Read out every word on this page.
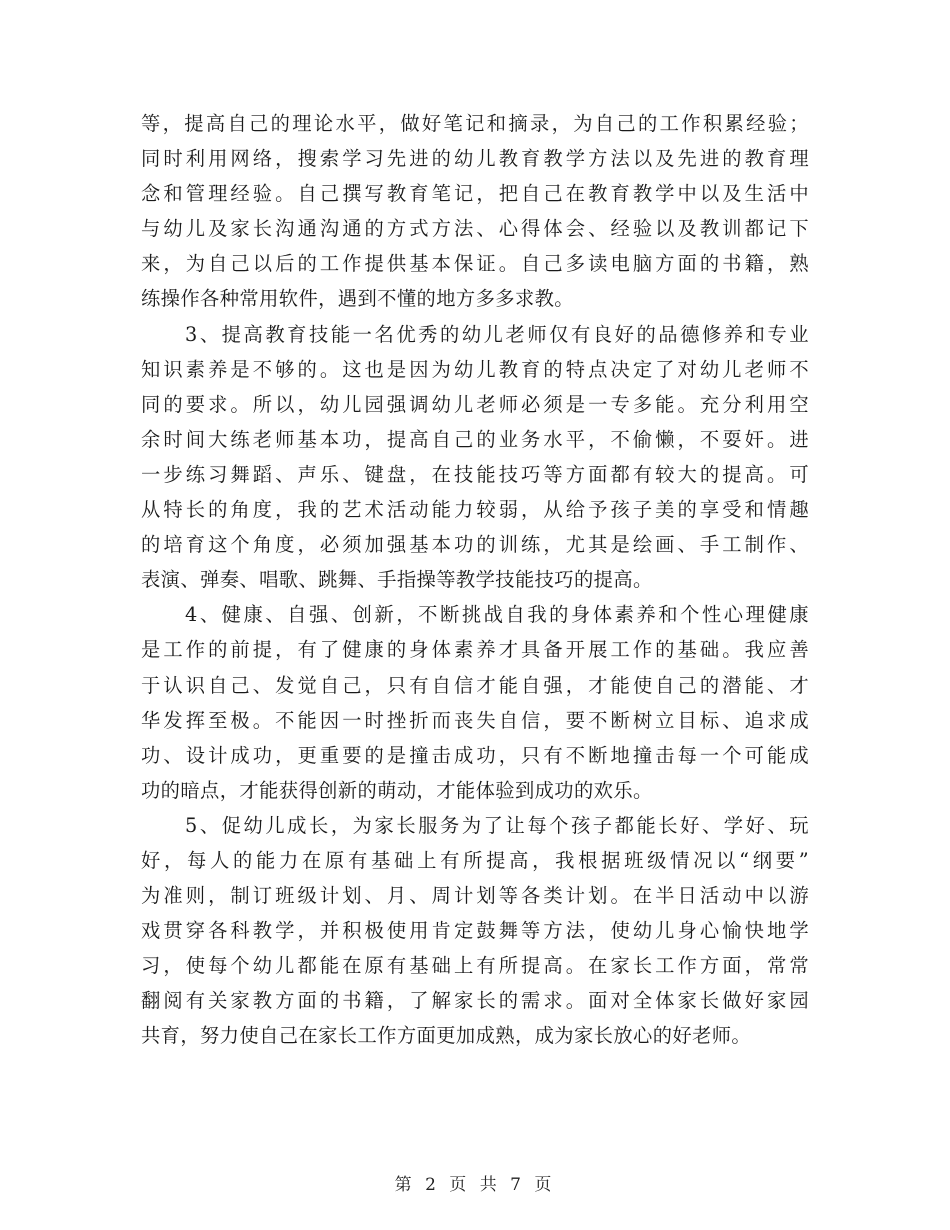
等，提高自己的理论水平，做好笔记和摘录，为自己的工作积累经验；
同时利用网络，搜索学习先进的幼儿教育教学方法以及先进的教育理
念和管理经验。自己撰写教育笔记，把自己在教育教学中以及生活中
与幼儿及家长沟通沟通的方式方法、心得体会、经验以及教训都记下
来，为自己以后的工作提供基本保证。自己多读电脑方面的书籍，熟
练操作各种常用软件，遇到不懂的地方多多求教。
3、提高教育技能一名优秀的幼儿老师仅有良好的品德修养和专业
知识素养是不够的。这也是因为幼儿教育的特点决定了对幼儿老师不
同的要求。所以，幼儿园强调幼儿老师必须是一专多能。充分利用空
余时间大练老师基本功，提高自己的业务水平，不偷懒，不耍奸。进
一步练习舞蹈、声乐、键盘，在技能技巧等方面都有较大的提高。可
从特长的角度，我的艺术活动能力较弱，从给予孩子美的享受和情趣
的培育这个角度，必须加强基本功的训练，尤其是绘画、手工制作、
表演、弹奏、唱歌、跳舞、手指操等教学技能技巧的提高。
4、健康、自强、创新，不断挑战自我的身体素养和个性心理健康
是工作的前提，有了健康的身体素养才具备开展工作的基础。我应善
于认识自己、发觉自己，只有自信才能自强，才能使自己的潜能、才
华发挥至极。不能因一时挫折而丧失自信，要不断树立目标、追求成
功、设计成功，更重要的是撞击成功，只有不断地撞击每一个可能成
功的暗点，才能获得创新的萌动，才能体验到成功的欢乐。
5、促幼儿成长，为家长服务为了让每个孩子都能长好、学好、玩
好，每人的能力在原有基础上有所提高，我根据班级情况以“纲要”
为准则，制订班级计划、月、周计划等各类计划。在半日活动中以游
戏贯穿各科教学，并积极使用肯定鼓舞等方法，使幼儿身心愉快地学
习，使每个幼儿都能在原有基础上有所提高。在家长工作方面，常常
翻阅有关家教方面的书籍，了解家长的需求。面对全体家长做好家园
共育，努力使自己在家长工作方面更加成熟，成为家长放心的好老师。
第 2 页 共 7 页
